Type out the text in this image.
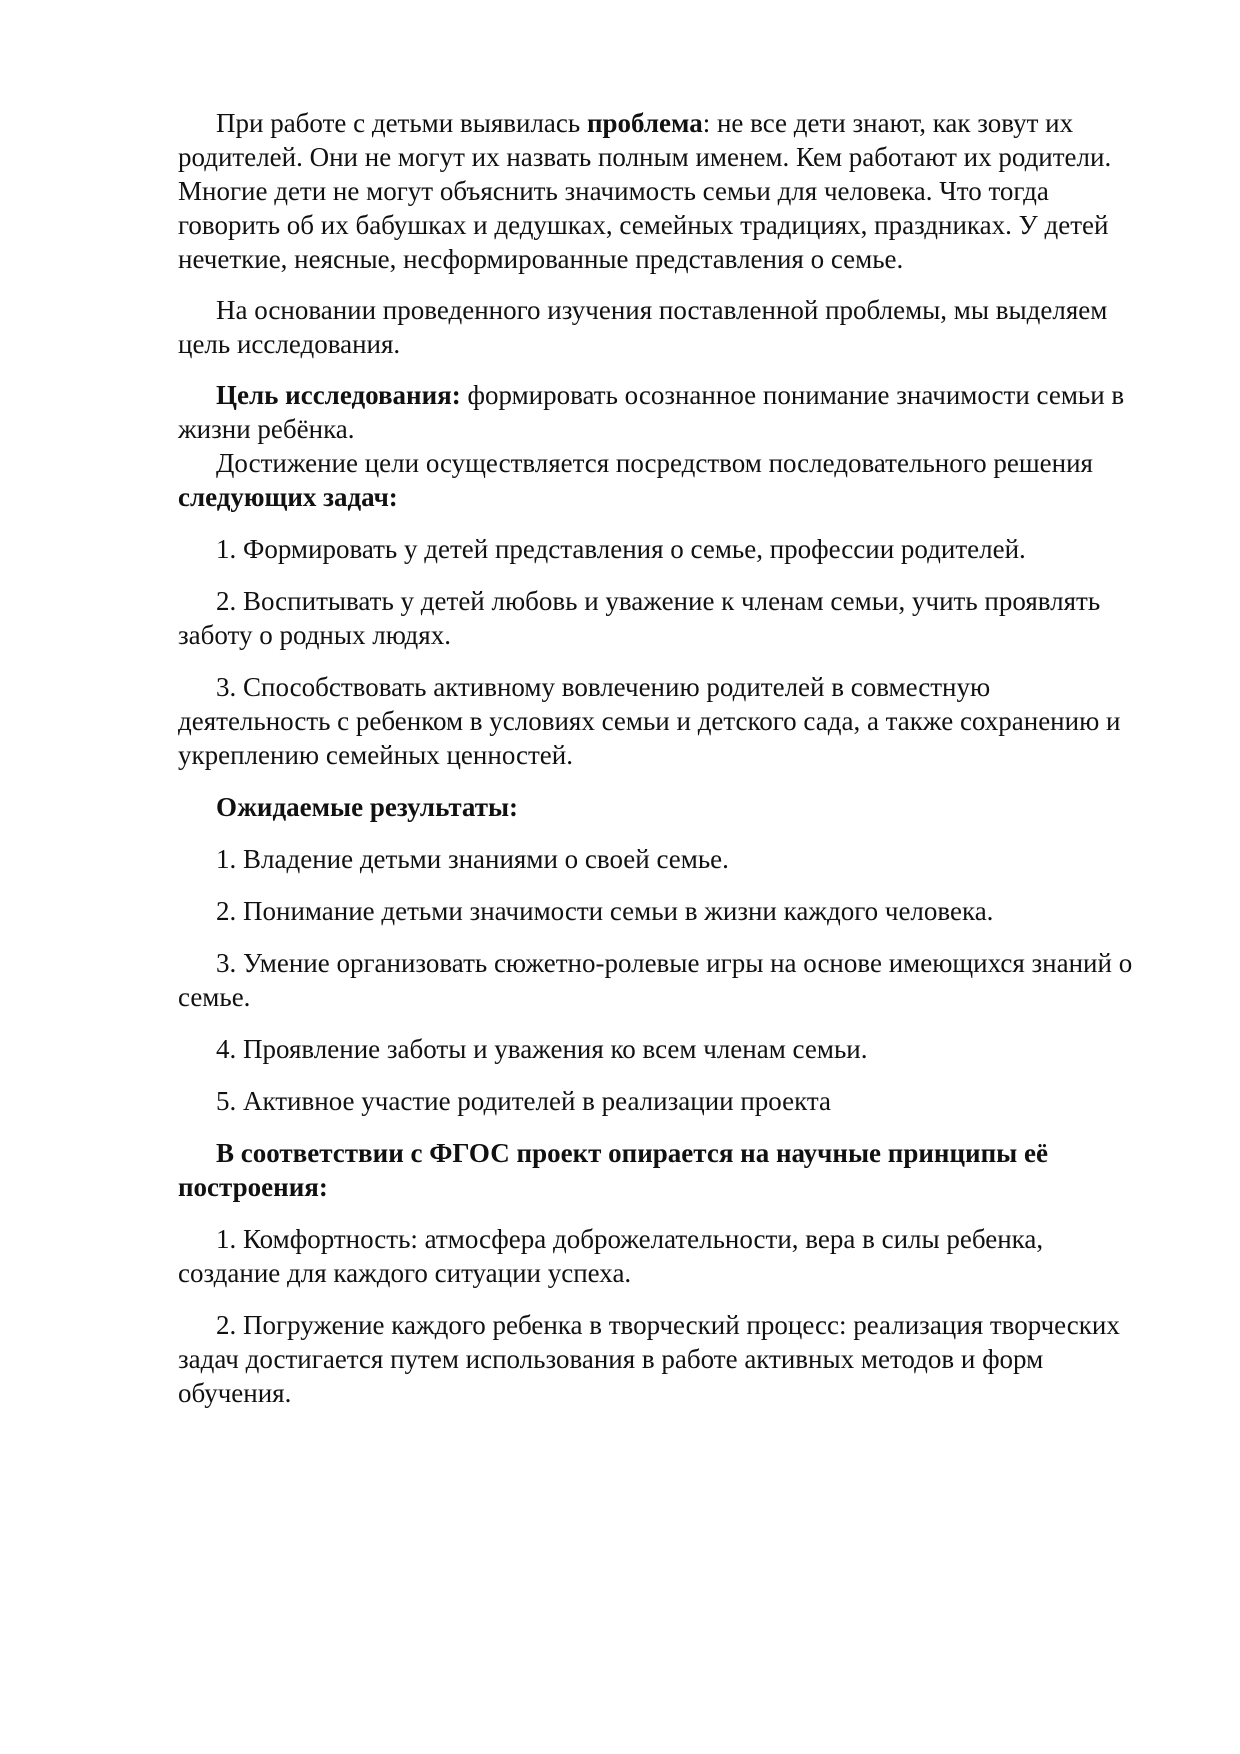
При работе с детьми выявилась проблема: не все дети знают, как зовут их родителей. Они не могут их назвать полным именем. Кем работают их родители. Многие дети не могут объяснить значимость семьи для человека. Что тогда говорить об их бабушках и дедушках, семейных традициях, праздниках. У детей нечеткие, неясные, несформированные представления о семье.

На основании проведенного изучения поставленной проблемы, мы выделяем цель исследования.

Цель исследования: формировать осознанное понимание значимости семьи в жизни ребёнка.

Достижение цели осуществляется посредством последовательного решения следующих задач:

1. Формировать у детей представления о семье, профессии родителей.

2. Воспитывать у детей любовь и уважение к членам семьи, учить проявлять заботу о родных людях.

3. Способствовать активному вовлечению родителей в совместную деятельность с ребенком в условиях семьи и детского сада, а также сохранению и укреплению семейных ценностей.

Ожидаемые результаты:

1. Владение детьми знаниями о своей семье.

2. Понимание детьми значимости семьи в жизни каждого человека.

3. Умение организовать сюжетно-ролевые игры на основе имеющихся знаний о семье.

4. Проявление заботы и уважения ко всем членам семьи.

5. Активное участие родителей в реализации проекта

В соответствии с ФГОС проект опирается на научные принципы её построения:

1. Комфортность: атмосфера доброжелательности, вера в силы ребенка, создание для каждого ситуации успеха.

2. Погружение каждого ребенка в творческий процесс: реализация творческих задач достигается путем использования в работе активных методов и форм обучения.
